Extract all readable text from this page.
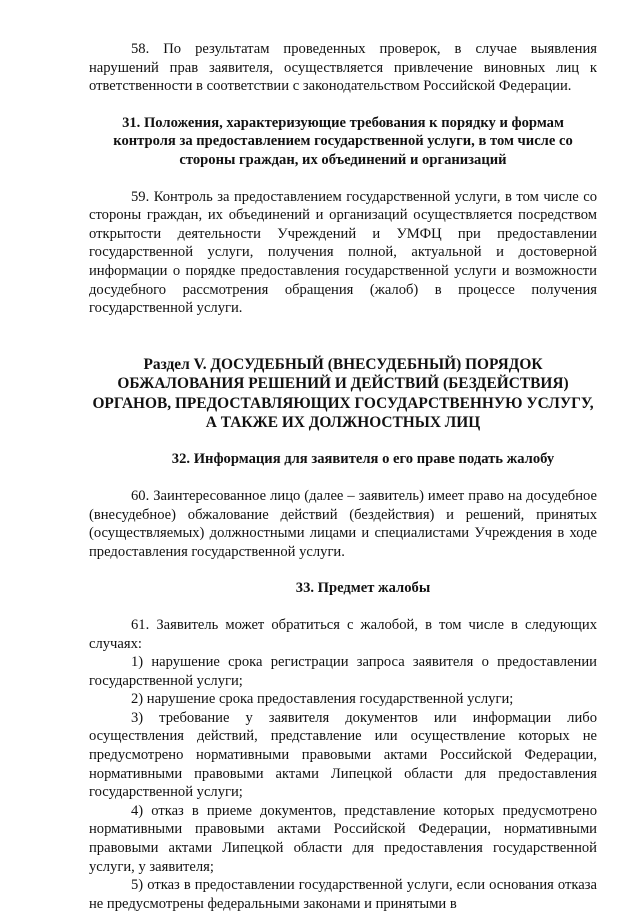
58. По результатам проведенных проверок, в случае выявления нарушений прав заявителя, осуществляется привлечение виновных лиц к ответственности в соответствии с законодательством Российской Федерации.

31. Положения, характеризующие требования к порядку и формам контроля за предоставлением государственной услуги, в том числе со стороны граждан, их объединений и организаций

59. Контроль за предоставлением государственной услуги, в том числе со стороны граждан, их объединений и организаций осуществляется посредством открытости деятельности Учреждений и УМФЦ при предоставлении государственной услуги, получения полной, актуальной и достоверной информации о порядке предоставления государственной услуги и возможности досудебного рассмотрения обращения (жалоб) в процессе получения государственной услуги.

Раздел V. ДОСУДЕБНЫЙ (ВНЕСУДЕБНЫЙ) ПОРЯДОК ОБЖАЛОВАНИЯ РЕШЕНИЙ И ДЕЙСТВИЙ (БЕЗДЕЙСТВИЯ) ОРГАНОВ, ПРЕДОСТАВЛЯЮЩИХ ГОСУДАРСТВЕННУЮ УСЛУГУ, А ТАКЖЕ ИХ ДОЛЖНОСТНЫХ ЛИЦ

32. Информация для заявителя о его праве подать жалобу

60. Заинтересованное лицо (далее – заявитель) имеет право на досудебное (внесудебное) обжалование действий (бездействия) и решений, принятых (осуществляемых) должностными лицами и специалистами Учреждения в ходе предоставления государственной услуги.

33. Предмет жалобы

61. Заявитель может обратиться с жалобой, в том числе в следующих случаях:

1) нарушение срока регистрации запроса заявителя о предоставлении государственной услуги;

2) нарушение срока предоставления государственной услуги;

3) требование у заявителя документов или информации либо осуществления действий, представление или осуществление которых не предусмотрено нормативными правовыми актами Российской Федерации, нормативными правовыми актами Липецкой области для предоставления государственной услуги;

4) отказ в приеме документов, представление которых предусмотрено нормативными правовыми актами Российской Федерации, нормативными правовыми актами Липецкой области для предоставления государственной услуги, у заявителя;

5) отказ в предоставлении государственной услуги, если основания отказа не предусмотрены федеральными законами и принятыми в
